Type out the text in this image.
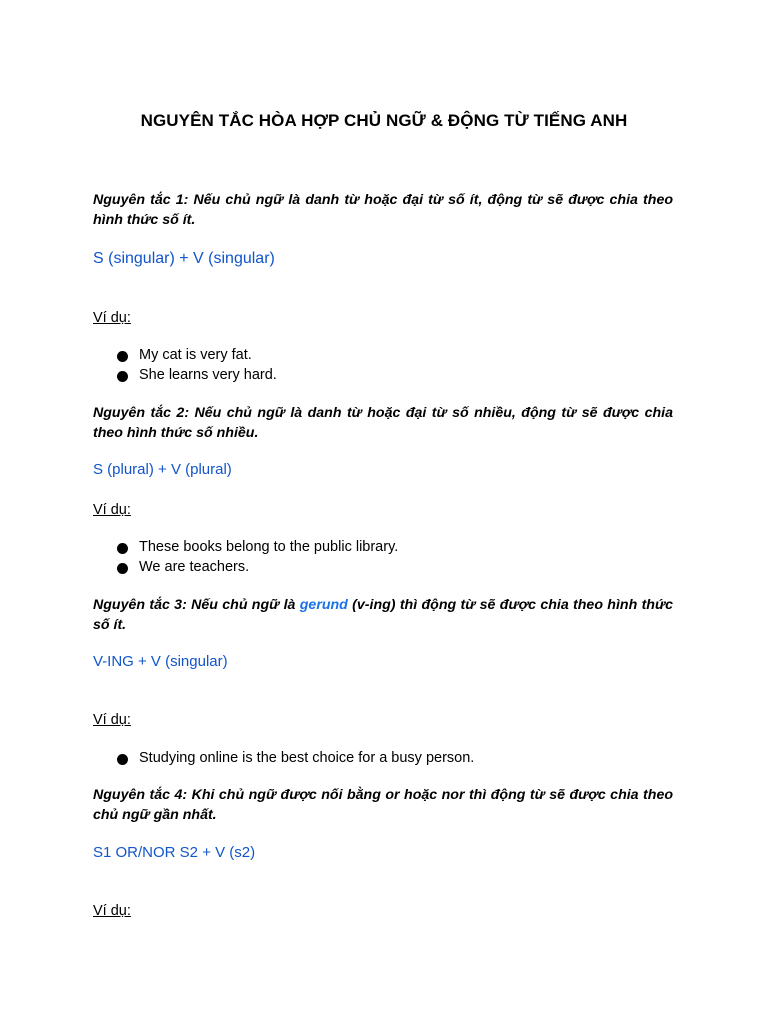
NGUYÊN TẮC HÒA HỢP CHỦ NGỮ & ĐỘNG TỪ TIẾNG ANH
Nguyên tắc 1: Nếu chủ ngữ là danh từ hoặc đại từ số ít, động từ sẽ được chia theo hình thức số ít.
S (singular) + V (singular)
Ví dụ:
My cat is very fat.
She learns very hard.
Nguyên tắc 2: Nếu chủ ngữ là danh từ hoặc đại từ số nhiều, động từ sẽ được chia theo hình thức số nhiều.
S (plural) + V (plural)
Ví dụ:
These books belong to the public library.
We are teachers.
Nguyên tắc 3: Nếu chủ ngữ là gerund (v-ing) thì động từ sẽ được chia theo hình thức số ít.
V-ING + V (singular)
Ví dụ:
Studying online is the best choice for a busy person.
Nguyên tắc 4: Khi chủ ngữ được nối bằng or hoặc nor thì động từ sẽ được chia theo chủ ngữ gần nhất.
S1 OR/NOR S2 + V (s2)
Ví dụ:
